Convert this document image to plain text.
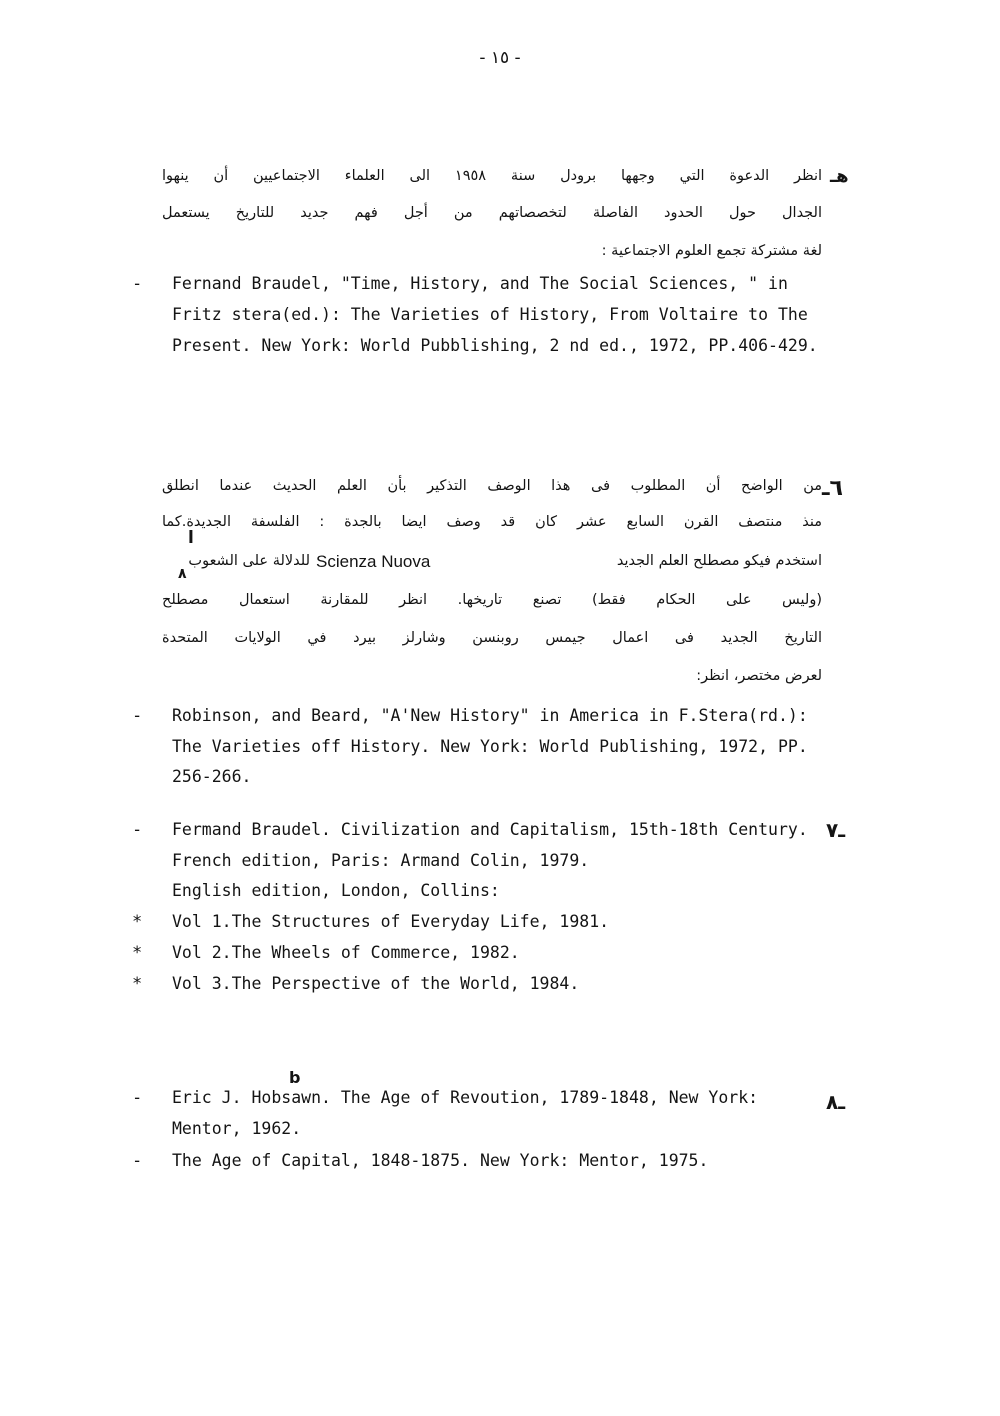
- ١٥ -
ه‍ـ
انظر الدعوة التي وجهها برودل سنة ١٩٥٨ الى العلماء الاجتماعيين أن ينهوا
الجدال حول الحدود الفاصلة لتخصصاتهم من أجل فهم جديد للتاريخ يستعمل
لغة مشتركة تجمع العلوم الاجتماعية :
- Fernand Braudel, "Time, History, and The Social Sciences, " in
Fritz stera(ed.): The Varieties of History, From Voltaire to The
Present. New York: World Pubblishing, 2 nd ed., 1972, PP.406-429.
٦ـ
من الواضح أن المطلوب فى هذا الوصف التذكير بأن العلم الحديث عندما انطلق
منذ منتصف القرن السابع عشر كان قد وصف ايضا بالجدة : الفلسفة الجديدة.كما
ا
استخدم فيكو مصطلح العلم الجديد
Scienza Nuova
للدلالة على الشعوب
٨
(وليس على الحكام فقط) تصنع تاريخها. انظر للمقارنة استعمال مصطلح
التاريخ الجديد فى اعمال جيمس روبنسن وشارلز بيرد في الولايات المتحدة
لعرض مختصر، انظر:
- Robinson, and Beard, "A'New History" in America in F.Stera(rd.):
The Varieties off History. New York: World Publishing, 1972, PP.
256-266.
- Fermand Braudel. Civilization and Capitalism, 15th-18th Century. ـ٧
French edition, Paris: Armand Colin, 1979.
English edition, London, Collins:
* Vol 1.The Structures of Everyday Life, 1981.
* Vol 2.The Wheels of Commerce, 1982.
* Vol 3.The Perspective of the World, 1984.
b
- Eric J. Hobsawn. The Age of Revoution, 1789-1848, New York:	ـ٨
Mentor, 1962.
- The Age of Capital, 1848-1875. New York: Mentor, 1975.
